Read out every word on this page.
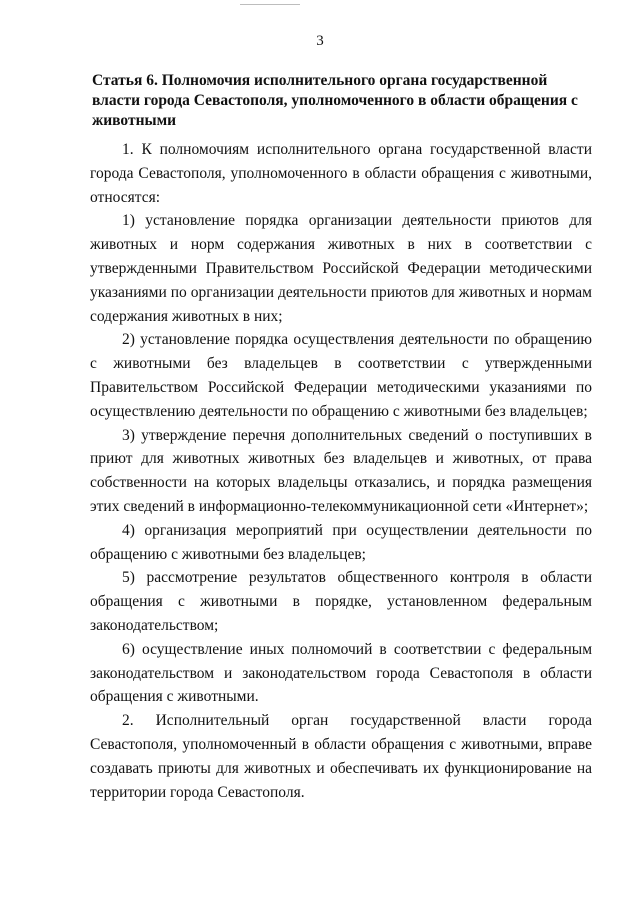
3
Статья 6. Полномочия исполнительного органа государственной власти города Севастополя, уполномоченного в области обращения с животными

1. К полномочиям исполнительного органа государственной власти города Севастополя, уполномоченного в области обращения с животными, относятся:

1) установление порядка организации деятельности приютов для животных и норм содержания животных в них в соответствии с утвержденными Правительством Российской Федерации методическими указаниями по организации деятельности приютов для животных и нормам содержания животных в них;

2) установление порядка осуществления деятельности по обращению с животными без владельцев в соответствии с утвержденными Правительством Российской Федерации методическими указаниями по осуществлению деятельности по обращению с животными без владельцев;

3) утверждение перечня дополнительных сведений о поступивших в приют для животных животных без владельцев и животных, от права собственности на которых владельцы отказались, и порядка размещения этих сведений в информационно-телекоммуникационной сети «Интернет»;

4) организация мероприятий при осуществлении деятельности по обращению с животными без владельцев;

5) рассмотрение результатов общественного контроля в области обращения с животными в порядке, установленном федеральным законодательством;

6) осуществление иных полномочий в соответствии с федеральным законодательством и законодательством города Севастополя в области обращения с животными.

2. Исполнительный орган государственной власти города Севастополя, уполномоченный в области обращения с животными, вправе создавать приюты для животных и обеспечивать их функционирование на территории города Севастополя.
